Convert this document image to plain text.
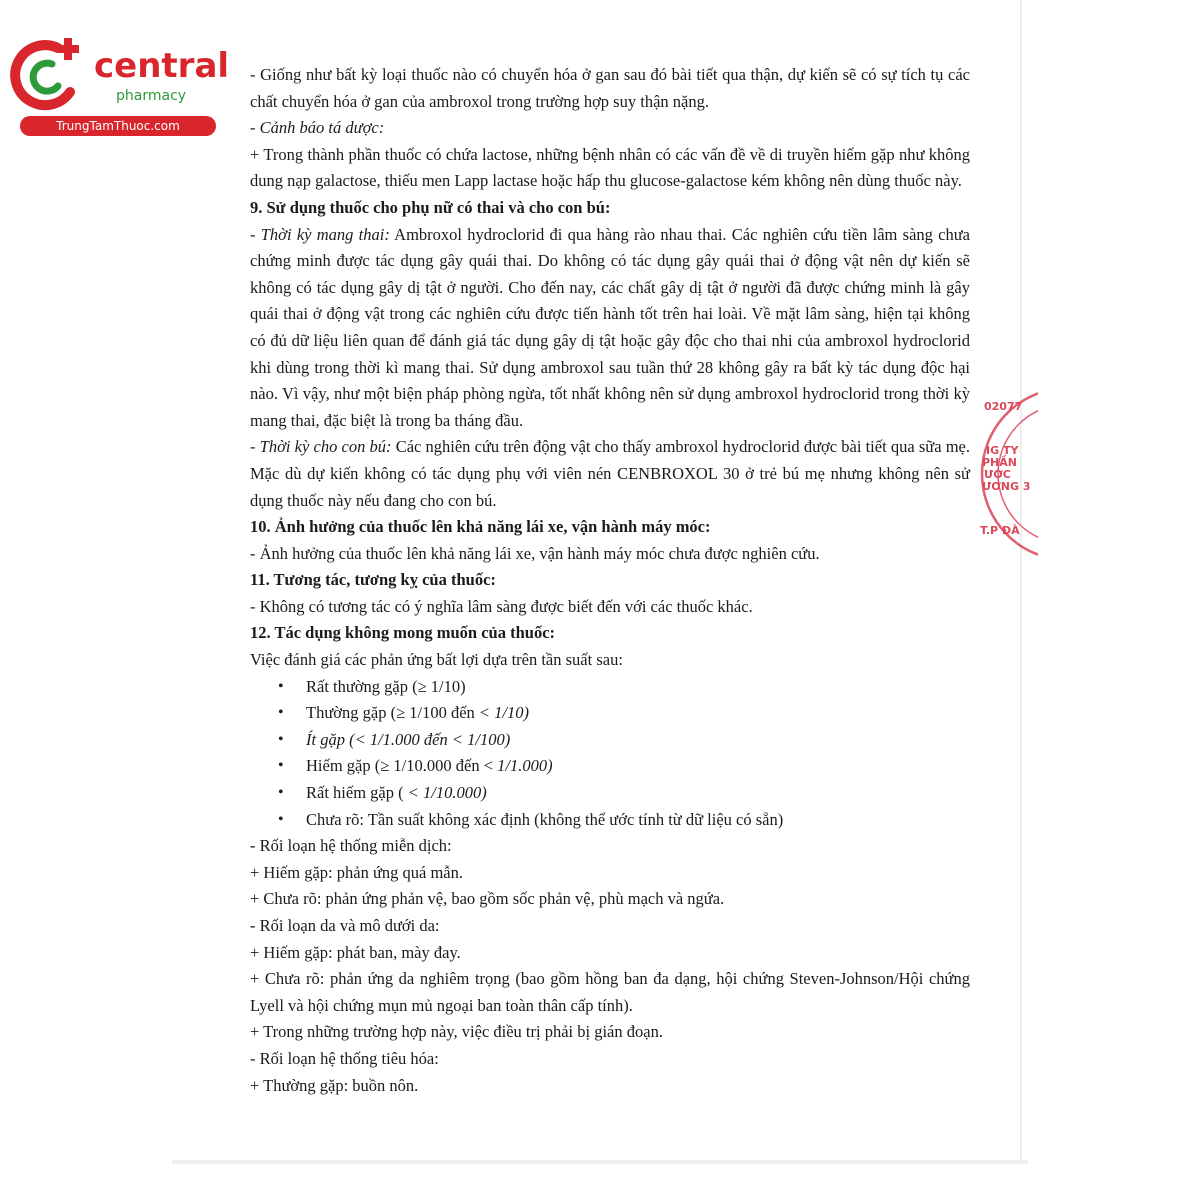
central
pharmacy
TrungTamThuoc.com
02077
IG TY
PHẦN
ƯỚC
ƯƠNG 3
T.P ĐÀ

- Giống như bất kỳ loại thuốc nào có chuyển hóa ở gan sau đó bài tiết qua thận, dự kiến sẽ có sự tích tụ các chất chuyển hóa ở gan của ambroxol trong trường hợp suy thận nặng.

- Cảnh báo tá dược:

+ Trong thành phần thuốc có chứa lactose, những bệnh nhân có các vấn đề về di truyền hiếm gặp như không dung nạp galactose, thiếu men Lapp lactase hoặc hấp thu glucose-galactose kém không nên dùng thuốc này.

9. Sử dụng thuốc cho phụ nữ có thai và cho con bú:

- Thời kỳ mang thai: Ambroxol hydroclorid đi qua hàng rào nhau thai. Các nghiên cứu tiền lâm sàng chưa chứng minh được tác dụng gây quái thai. Do không có tác dụng gây quái thai ở động vật nên dự kiến sẽ không có tác dụng gây dị tật ở người. Cho đến nay, các chất gây dị tật ở người đã được chứng minh là gây quái thai ở động vật trong các nghiên cứu được tiến hành tốt trên hai loài. Về mặt lâm sàng, hiện tại không có đủ dữ liệu liên quan để đánh giá tác dụng gây dị tật hoặc gây độc cho thai nhi của ambroxol hydroclorid khi dùng trong thời kì mang thai. Sử dụng ambroxol sau tuần thứ 28 không gây ra bất kỳ tác dụng độc hại nào. Vì vậy, như một biện pháp phòng ngừa, tốt nhất không nên sử dụng ambroxol hydroclorid trong thời kỳ mang thai, đặc biệt là trong ba tháng đầu.

- Thời kỳ cho con bú: Các nghiên cứu trên động vật cho thấy ambroxol hydroclorid được bài tiết qua sữa mẹ. Mặc dù dự kiến không có tác dụng phụ với viên nén CENBROXOL 30 ở trẻ bú mẹ nhưng không nên sử dụng thuốc này nếu đang cho con bú.

10. Ảnh hưởng của thuốc lên khả năng lái xe, vận hành máy móc:

- Ảnh hưởng của thuốc lên khả năng lái xe, vận hành máy móc chưa được nghiên cứu.

11. Tương tác, tương kỵ của thuốc:

- Không có tương tác có ý nghĩa lâm sàng được biết đến với các thuốc khác.

12. Tác dụng không mong muốn của thuốc:

Việc đánh giá các phản ứng bất lợi dựa trên tần suất sau:

• Rất thường gặp (≥ 1/10)
• Thường gặp (≥ 1/100 đến < 1/10)
• Ít gặp (< 1/1.000 đến < 1/100)
• Hiếm gặp (≥ 1/10.000 đến < 1/1.000)
• Rất hiếm gặp ( < 1/10.000)
• Chưa rõ: Tần suất không xác định (không thể ước tính từ dữ liệu có sẵn)

- Rối loạn hệ thống miễn dịch:

+ Hiếm gặp: phản ứng quá mẫn.

+ Chưa rõ: phản ứng phản vệ, bao gồm sốc phản vệ, phù mạch và ngứa.

- Rối loạn da và mô dưới da:

+ Hiếm gặp: phát ban, mày đay.

+ Chưa rõ: phản ứng da nghiêm trọng (bao gồm hồng ban đa dạng, hội chứng Steven-Johnson/Hội chứng Lyell và hội chứng mụn mủ ngoại ban toàn thân cấp tính).

+ Trong những trường hợp này, việc điều trị phải bị gián đoạn.

- Rối loạn hệ thống tiêu hóa:

+ Thường gặp: buồn nôn.
